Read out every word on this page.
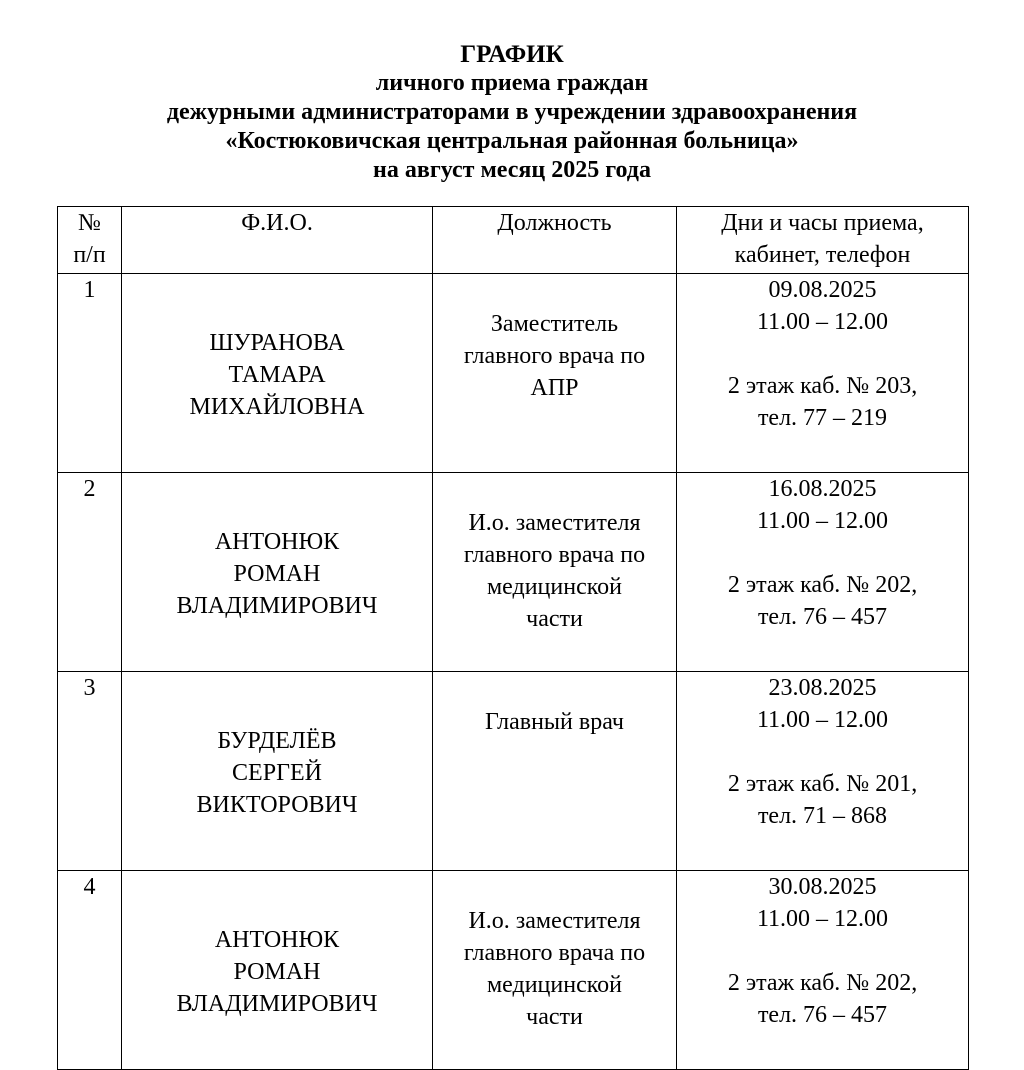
ГРАФИК
личного приема граждан
дежурными администраторами в учреждении здравоохранения
«Костюковичская центральная районная больница»
на август месяц 2025 года
№
п/п	Ф.И.О.	Должность	Дни и часы приема,
кабинет, телефон

1	ШУРАНОВА
ТАМАРА
МИХАЙЛОВНА	Заместитель
главного врача по
АПР	09.08.2025
11.00 – 12.00
2 этаж каб. № 203,
тел. 77 – 219

2	АНТОНЮК
РОМАН
ВЛАДИМИРОВИЧ	И.о. заместителя
главного врача по
медицинской
части	16.08.2025
11.00 – 12.00
2 этаж каб. № 202,
тел. 76 – 457

3	БУРДЕЛЁВ
СЕРГЕЙ
ВИКТОРОВИЧ	Главный врач	23.08.2025
11.00 – 12.00
2 этаж каб. № 201,
тел. 71 – 868

4	АНТОНЮК
РОМАН
ВЛАДИМИРОВИЧ	И.о. заместителя
главного врача по
медицинской
части	30.08.2025
11.00 – 12.00
2 этаж каб. № 202,
тел. 76 – 457
